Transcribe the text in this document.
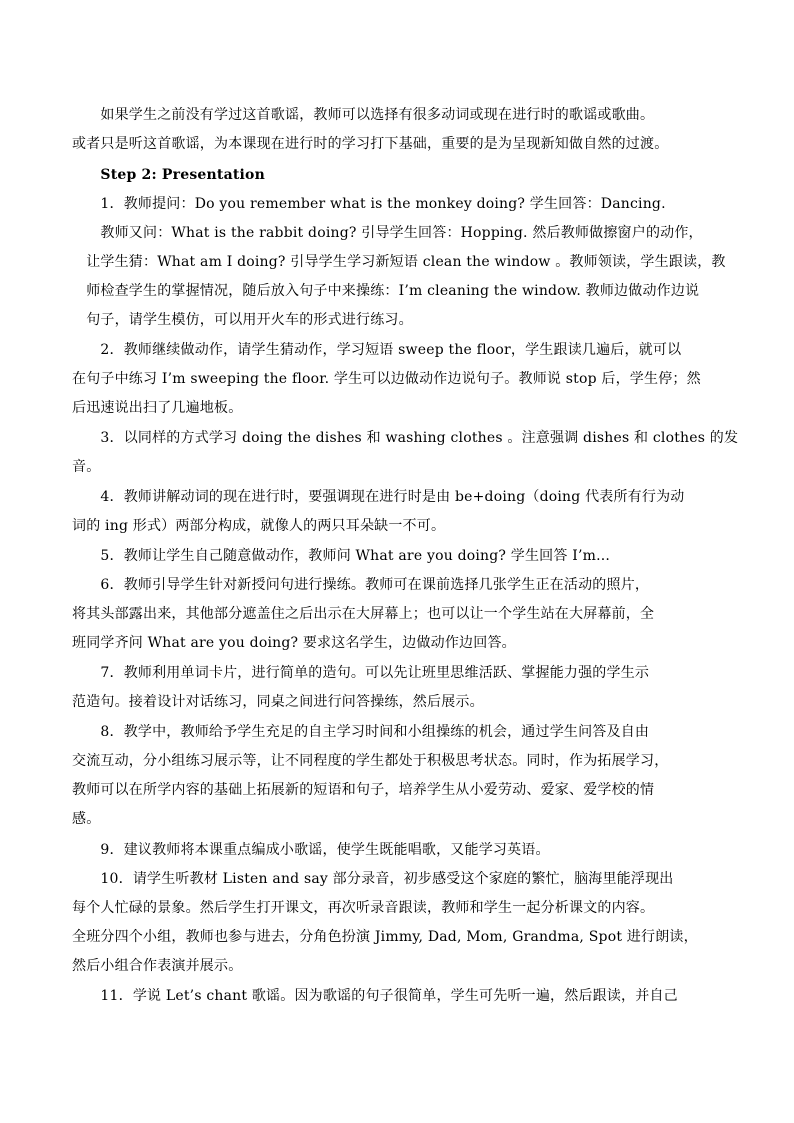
　　如果学生之前没有学过这首歌谣，教师可以选择有很多动词或现在进行时的歌谣或歌曲。
或者只是听这首歌谣，为本课现在进行时的学习打下基础，重要的是为呈现新知做自然的过渡。
　　Step 2: Presentation
　　1．教师提问：Do you remember what is the monkey doing? 学生回答：Dancing.
　　教师又问：What is the rabbit doing? 引导学生回答：Hopping. 然后教师做擦窗户的动作，
　让学生猜：What am I doing? 引导学生学习新短语 clean the window 。教师领读，学生跟读，教
　师检查学生的掌握情况，随后放入句子中来操练：I’m cleaning the window. 教师边做动作边说
　句子，请学生模仿，可以用开火车的形式进行练习。
　　2．教师继续做动作，请学生猜动作，学习短语 sweep the floor，学生跟读几遍后，就可以
在句子中练习 I’m sweeping the floor. 学生可以边做动作边说句子。教师说 stop 后，学生停；然
后迅速说出扫了几遍地板。
　　3．以同样的方式学习 doing the dishes 和 washing clothes 。注意强调 dishes 和 clothes 的发
音。
　　4．教师讲解动词的现在进行时，要强调现在进行时是由 be+doing（doing 代表所有行为动
词的 ing 形式）两部分构成，就像人的两只耳朵缺一不可。
　　5．教师让学生自己随意做动作，教师问 What are you doing? 学生回答 I’m...
　　6．教师引导学生针对新授问句进行操练。教师可在课前选择几张学生正在活动的照片，
将其头部露出来，其他部分遮盖住之后出示在大屏幕上；也可以让一个学生站在大屏幕前，全
班同学齐问 What are you doing? 要求这名学生，边做动作边回答。
　　7．教师利用单词卡片，进行简单的造句。可以先让班里思维活跃、掌握能力强的学生示
范造句。接着设计对话练习，同桌之间进行问答操练，然后展示。
　　8．教学中，教师给予学生充足的自主学习时间和小组操练的机会，通过学生问答及自由
交流互动，分小组练习展示等，让不同程度的学生都处于积极思考状态。同时，作为拓展学习，
教师可以在所学内容的基础上拓展新的短语和句子，培养学生从小爱劳动、爱家、爱学校的情
感。
　　9．建议教师将本课重点编成小歌谣，使学生既能唱歌，又能学习英语。
　　10．请学生听教材 Listen and say 部分录音，初步感受这个家庭的繁忙，脑海里能浮现出
每个人忙碌的景象。然后学生打开课文，再次听录音跟读，教师和学生一起分析课文的内容。
全班分四个小组，教师也参与进去，分角色扮演 Jimmy, Dad, Mom, Grandma, Spot 进行朗读，
然后小组合作表演并展示。
　　11．学说 Let’s chant 歌谣。因为歌谣的句子很简单，学生可先听一遍，然后跟读，并自己
